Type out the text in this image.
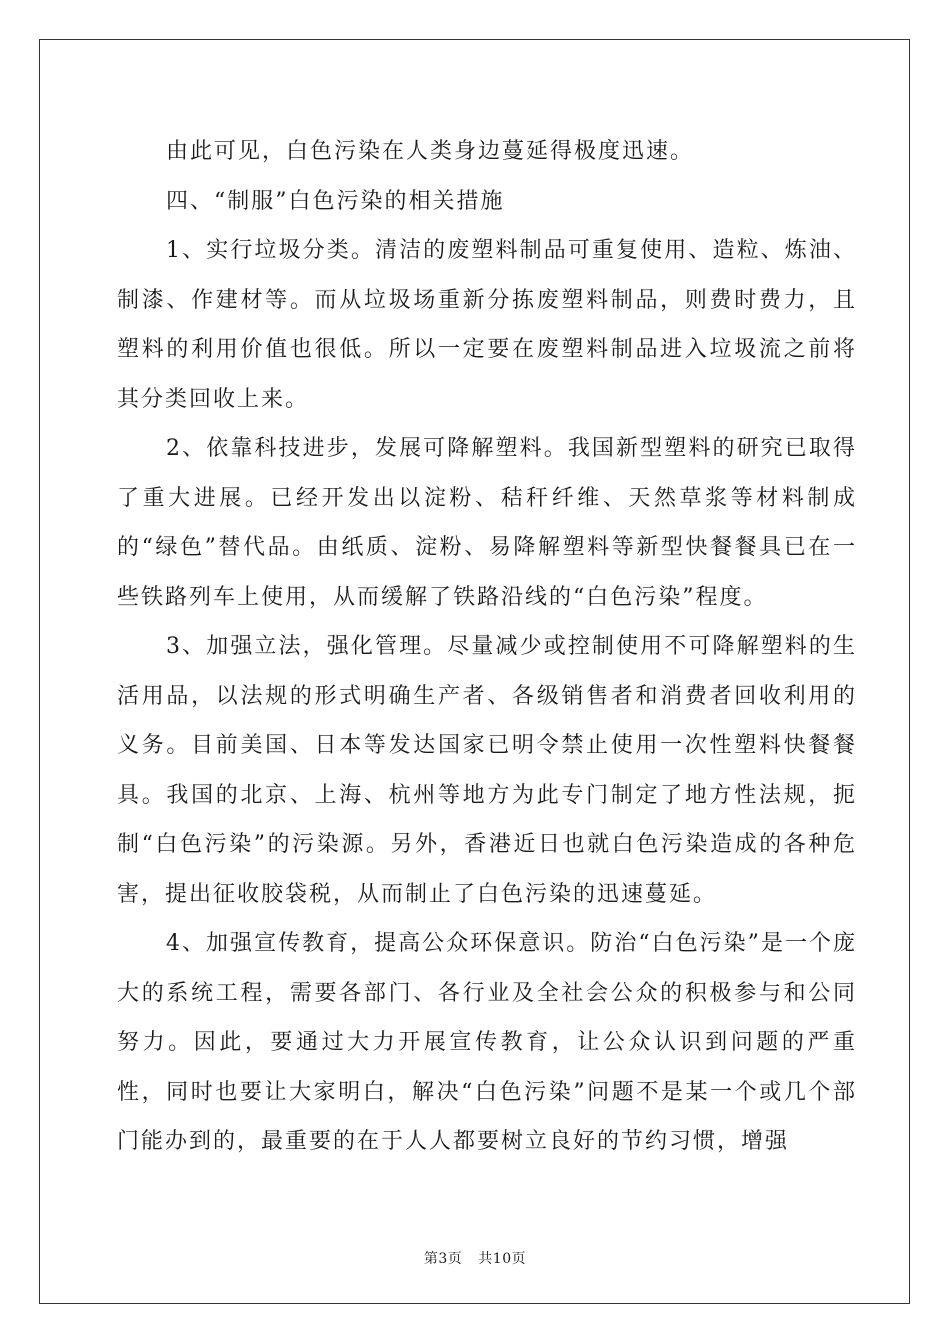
由此可见，白色污染在人类身边蔓延得极度迅速。

四、“制服”白色污染的相关措施

1、实行垃圾分类。清洁的废塑料制品可重复使用、造粒、炼油、制漆、作建材等。而从垃圾场重新分拣废塑料制品，则费时费力，且塑料的利用价值也很低。所以一定要在废塑料制品进入垃圾流之前将其分类回收上来。

2、依靠科技进步，发展可降解塑料。我国新型塑料的研究已取得了重大进展。已经开发出以淀粉、秸秆纤维、天然草浆等材料制成的“绿色”替代品。由纸质、淀粉、易降解塑料等新型快餐餐具已在一些铁路列车上使用，从而缓解了铁路沿线的“白色污染”程度。

3、加强立法，强化管理。尽量减少或控制使用不可降解塑料的生活用品，以法规的形式明确生产者、各级销售者和消费者回收利用的义务。目前美国、日本等发达国家已明令禁止使用一次性塑料快餐餐具。我国的北京、上海、杭州等地方为此专门制定了地方性法规，扼制“白色污染”的污染源。另外，香港近日也就白色污染造成的各种危害，提出征收胶袋税，从而制止了白色污染的迅速蔓延。

4、加强宣传教育，提高公众环保意识。防治“白色污染”是一个庞大的系统工程，需要各部门、各行业及全社会公众的积极参与和公同努力。因此，要通过大力开展宣传教育，让公众认识到问题的严重性，同时也要让大家明白，解决“白色污染”问题不是某一个或几个部门能办到的，最重要的在于人人都要树立良好的节约习惯，增强

第3页 共10页
